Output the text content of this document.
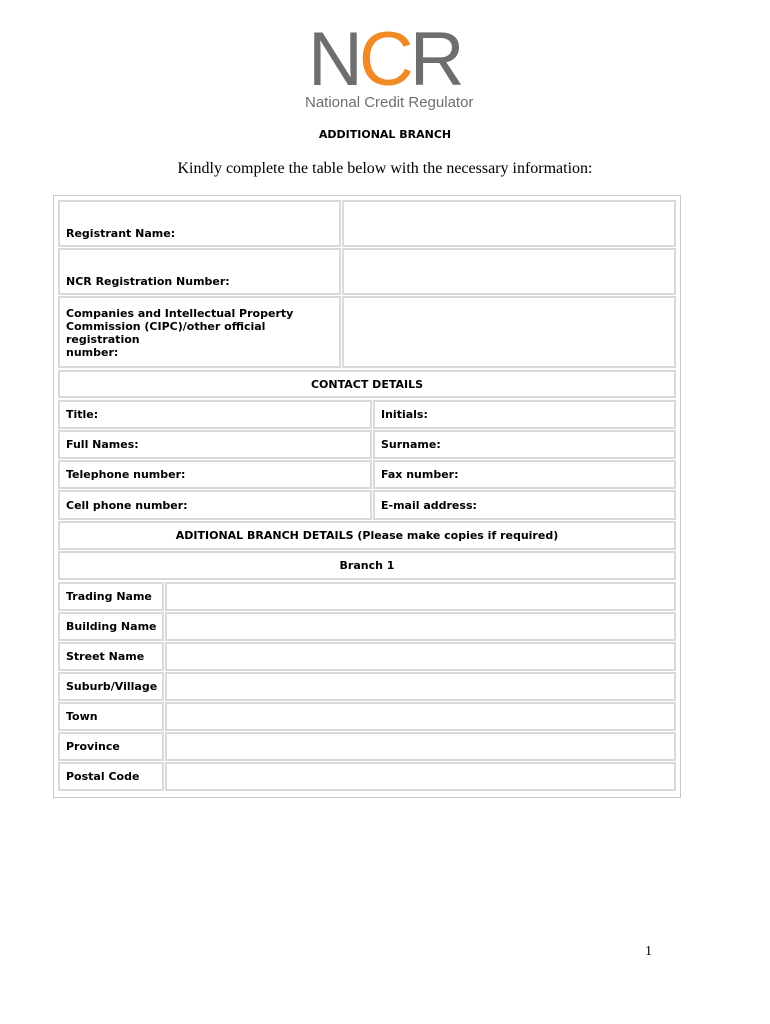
NCR
National Credit Regulator
ADDITIONAL BRANCH
Kindly complete the table below with the necessary information:
Registrant Name:
NCR Registration Number:
Companies and Intellectual Property
Commission (CIPC)/other official registration
number:
CONTACT DETAILS
Title:	Initials:
Full Names:	Surname:
Telephone number:	Fax number:
Cell phone number:	E-mail address:
ADITIONAL BRANCH DETAILS (Please make copies if required)
Branch 1
Trading Name
Building Name
Street Name
Suburb/Village
Town
Province
Postal Code
1
